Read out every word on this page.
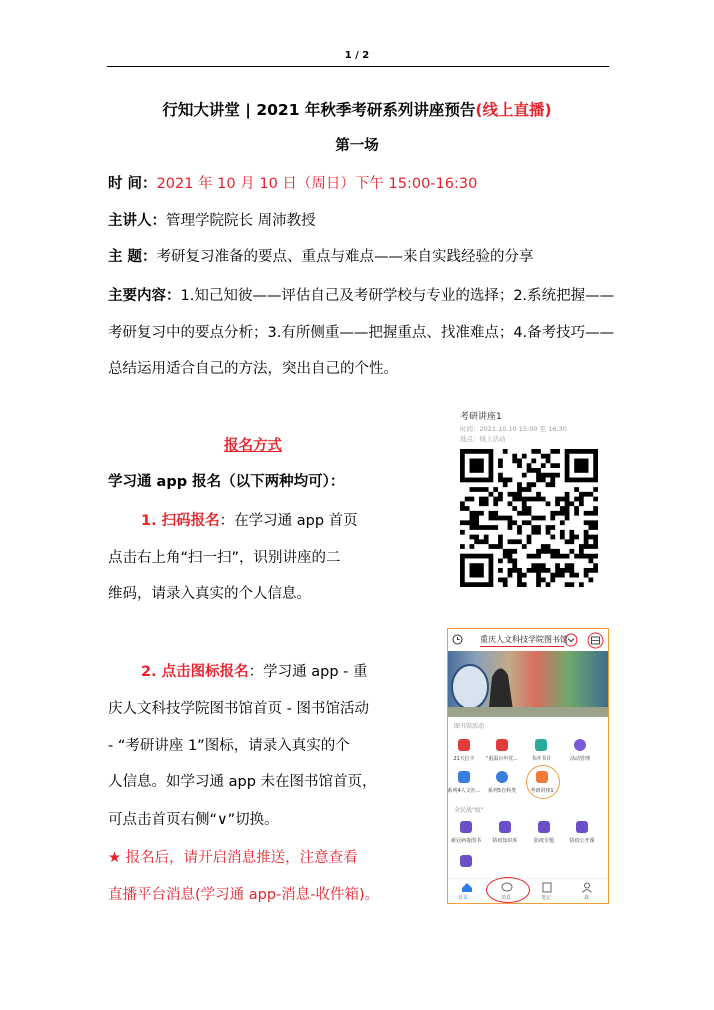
1 / 2
行知大讲堂 | 2021 年秋季考研系列讲座预告(线上直播)
第一场
时 间：2021 年 10 月 10 日（周日）下午 15:00-16:30
主讲人：管理学院院长 周沛教授
主 题：考研复习准备的要点、重点与难点——来自实践经验的分享
主要内容：1.知己知彼——评估自己及考研学校与专业的选择；2.系统把握——
考研复习中的要点分析；3.有所侧重——把握重点、找准难点；4.备考技巧——
总结运用适合自己的方法，突出自己的个性。
报名方式
学习通 app 报名（以下两种均可）：
1. 扫码报名：在学习通 app 首页
点击右上角“扫一扫”，识别讲座的二
维码，请录入真实的个人信息。
2. 点击图标报名：学习通 app - 重
庆人文科技学院图书馆首页 - 图书馆活动
- “考研讲座 1”图标，请录入真实的个
人信息。如学习通 app 未在图书馆首页，
可点击首页右侧“∨”切换。
★ 报名后，请开启消息推送，注意查看
直播平台消息(学习通 app-消息-收件箱)。
考研讲座1
时间：2021.10.10 15:00 至 16:30
地点：线上活动
重庆人文科技学院图书馆
图书馆活动
21天打卡	"重温百年党...	书评书目	活动管理
系列4人文社...	系列5自科类	考研讲座1
全民战"疫"
新冠病毒图书	防疫知识库	防疫专题	防疫公开课
首页	消息	笔记	我
